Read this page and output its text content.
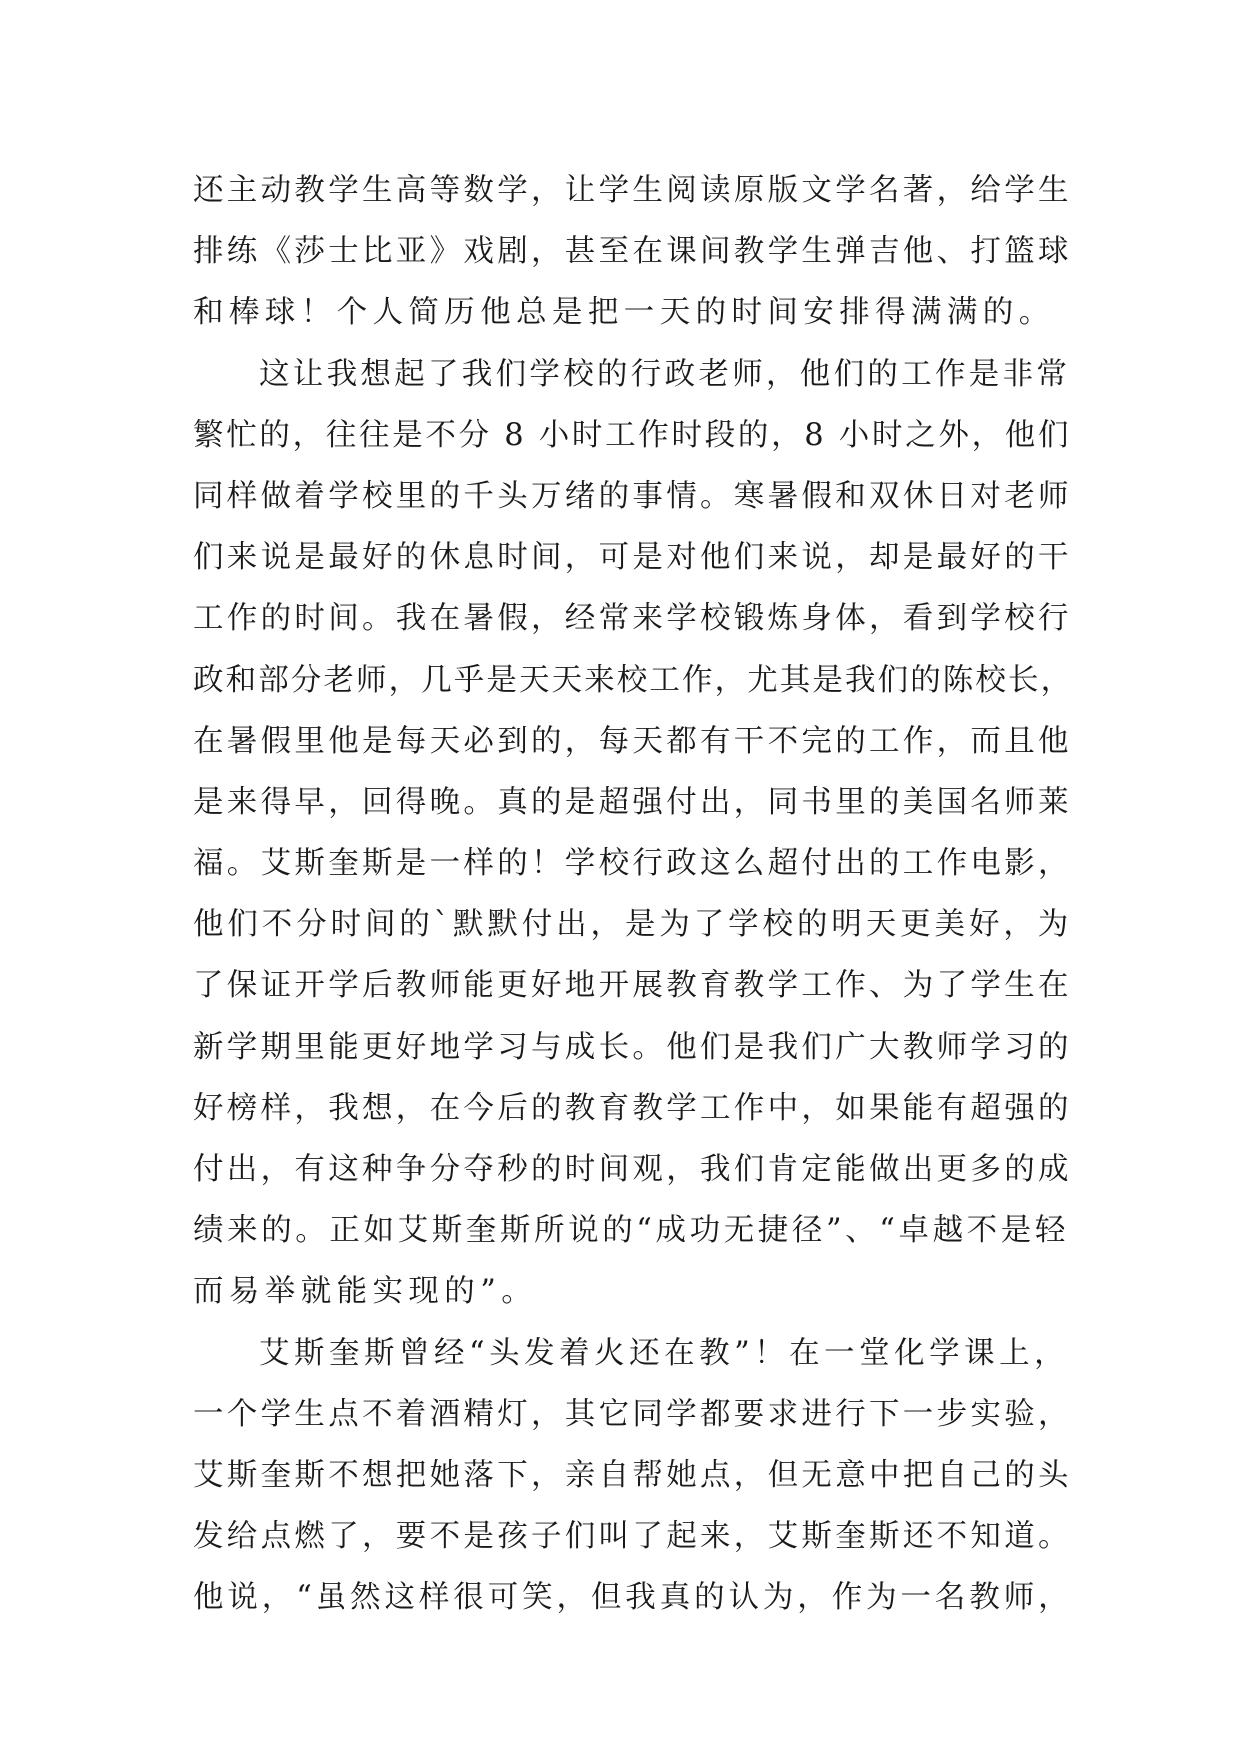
还主动教学生高等数学，让学生阅读原版文学名著，给学生
排练《莎士比亚》戏剧，甚至在课间教学生弹吉他、打篮球
和棒球！个人简历他总是把一天的时间安排得满满的。
这让我想起了我们学校的行政老师，他们的工作是非常
繁忙的，往往是不分 8 小时工作时段的，8 小时之外，他们
同样做着学校里的千头万绪的事情。寒暑假和双休日对老师
们来说是最好的休息时间，可是对他们来说，却是最好的干
工作的时间。我在暑假，经常来学校锻炼身体，看到学校行
政和部分老师，几乎是天天来校工作，尤其是我们的陈校长，
在暑假里他是每天必到的，每天都有干不完的工作，而且他
是来得早，回得晚。真的是超强付出，同书里的美国名师莱
福。艾斯奎斯是一样的！学校行政这么超付出的工作电影，
他们不分时间的`默默付出，是为了学校的明天更美好，为
了保证开学后教师能更好地开展教育教学工作、为了学生在
新学期里能更好地学习与成长。他们是我们广大教师学习的
好榜样，我想，在今后的教育教学工作中，如果能有超强的
付出，有这种争分夺秒的时间观，我们肯定能做出更多的成
绩来的。正如艾斯奎斯所说的“成功无捷径”、“卓越不是轻
而易举就能实现的”。
艾斯奎斯曾经“头发着火还在教”！在一堂化学课上，
一个学生点不着酒精灯，其它同学都要求进行下一步实验，
艾斯奎斯不想把她落下，亲自帮她点，但无意中把自己的头
发给点燃了，要不是孩子们叫了起来，艾斯奎斯还不知道。
他说，“虽然这样很可笑，但我真的认为，作为一名教师，
